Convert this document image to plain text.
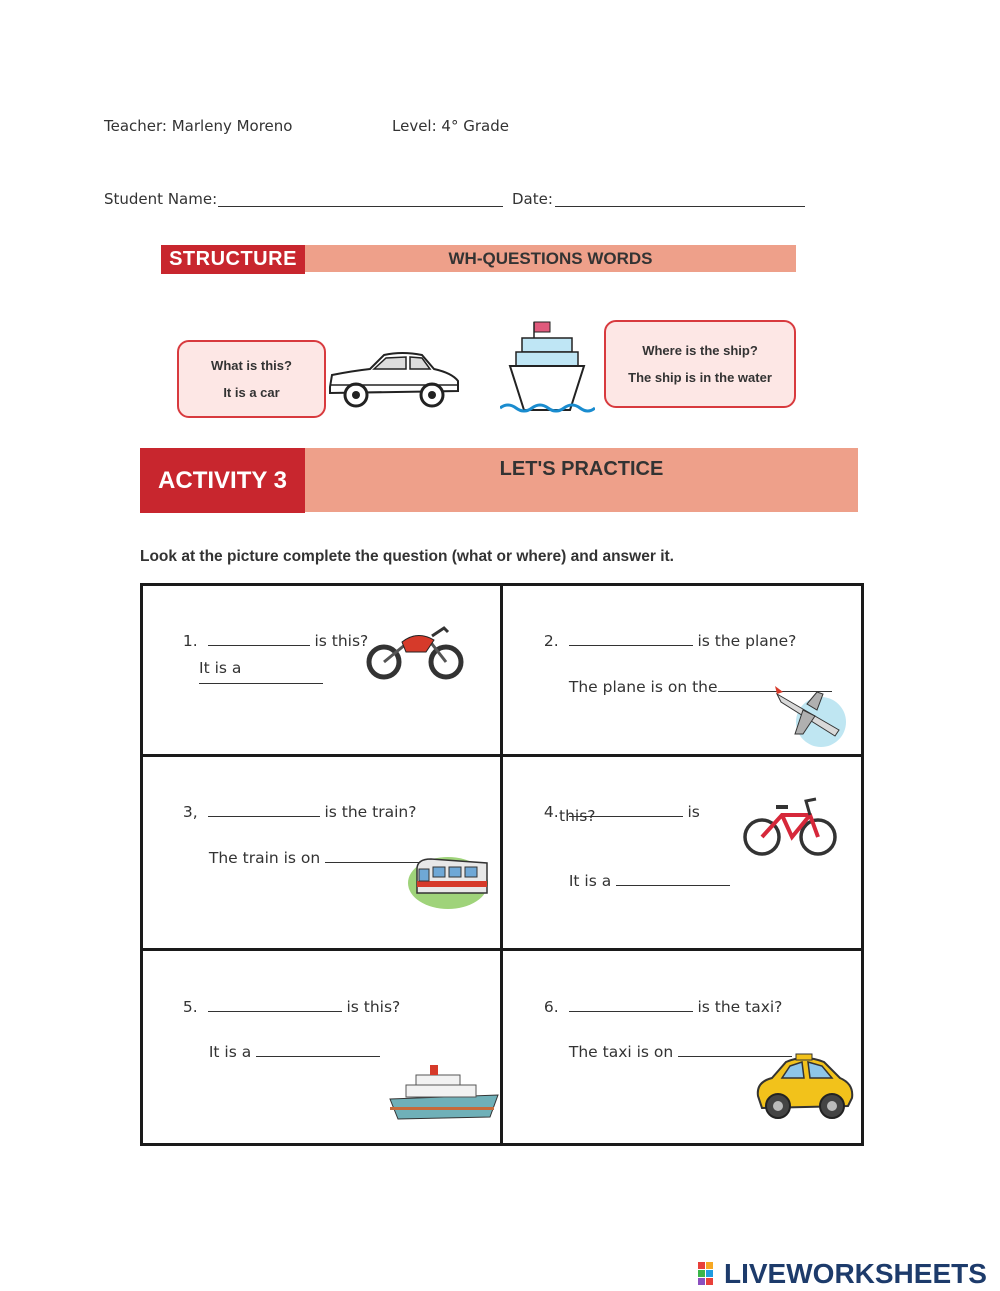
Teacher: Marleny Moreno	Level: 4° Grade
Student Name:	Date:
STRUCTURE	WH-QUESTIONS WORDS
What is this?
It is a car
Where is the ship?
The ship is in the water
ACTIVITY 3	LET'S PRACTICE
Look at the picture complete the question (what or where) and answer it.

1.	is this?

It is a

2.	is the plane?

The plane is on the

3,	is the train?

The train is on

4.	is

this?

It is a

5.	is this?

It is a

6.	is the taxi?

The taxi is on

LIVEWORKSHEETS
